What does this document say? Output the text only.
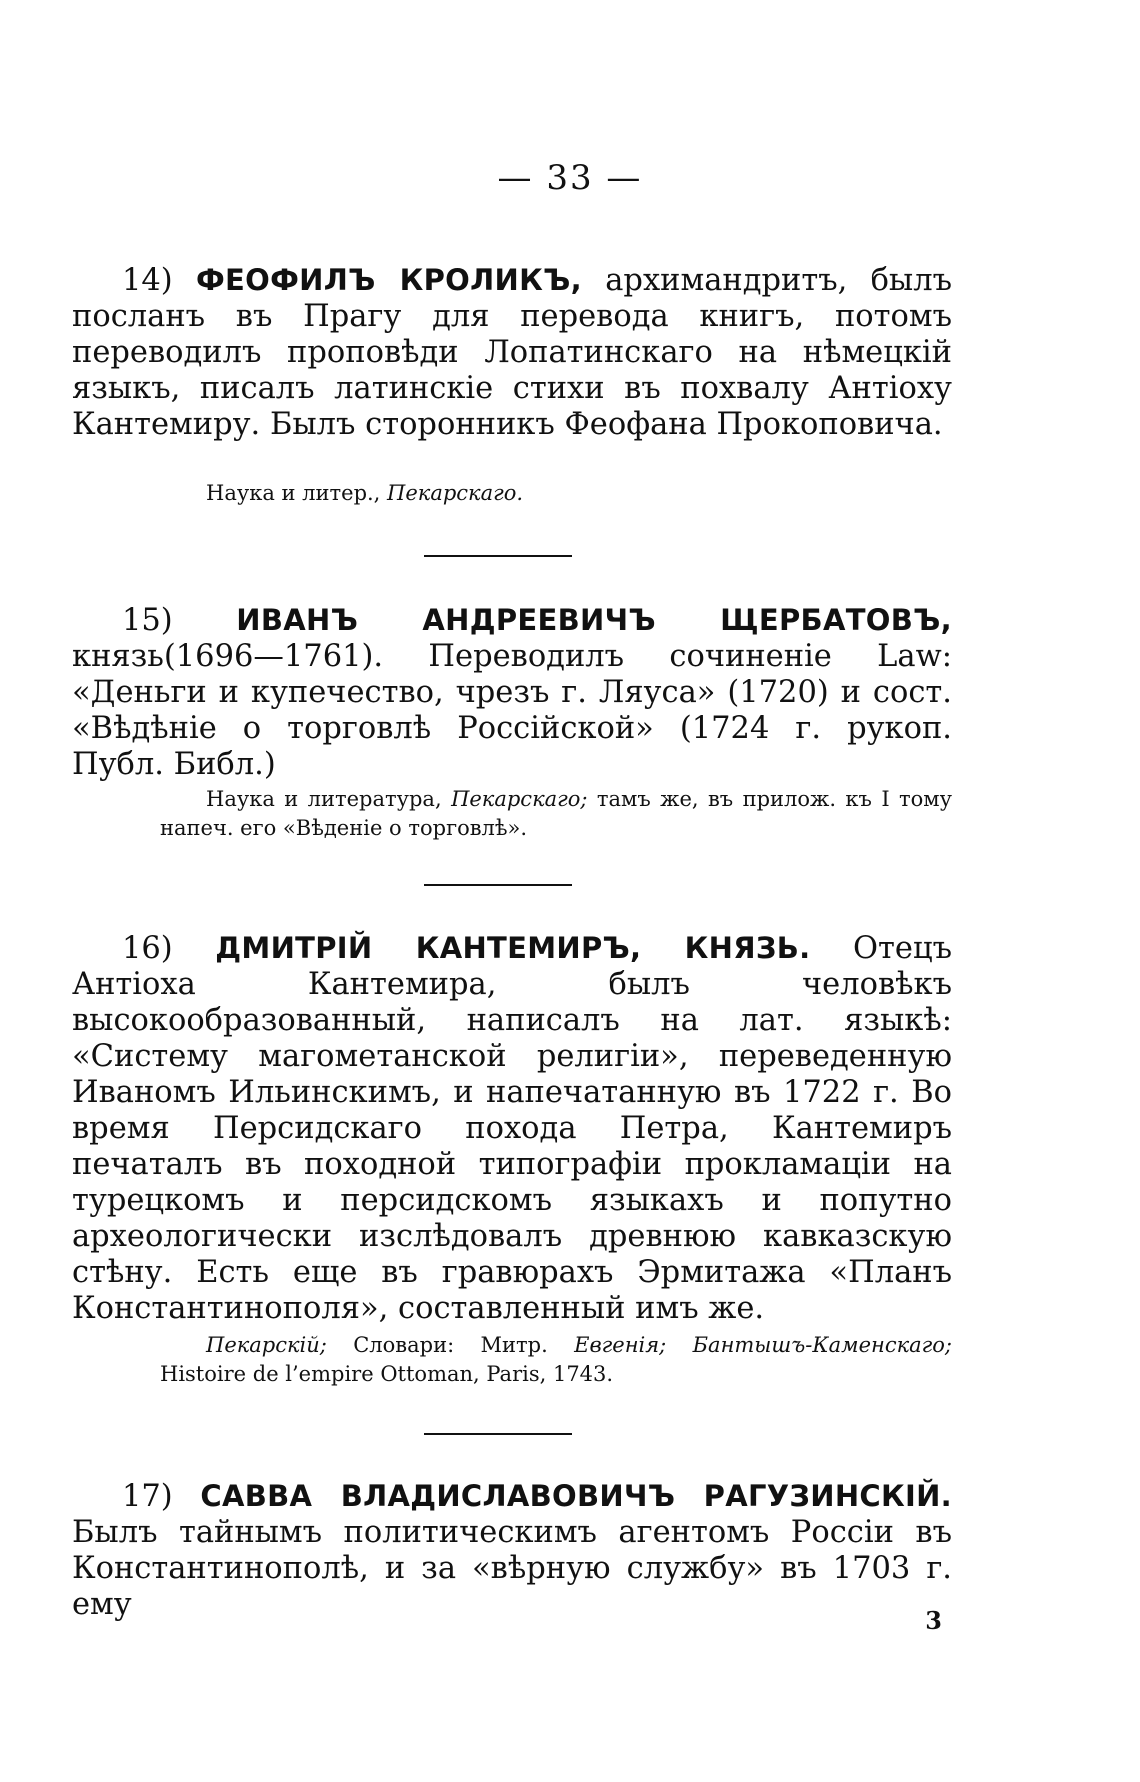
— 33 —

14) ФЕОФИЛЪ КРОЛИКЪ, архимандритъ, былъ посланъ въ Прагу для перевода книгъ, потомъ переводилъ проповѣди Лопатинскаго на нѣмецкій языкъ, писалъ латинскіе стихи въ похвалу Антіоху Кантемиру. Былъ сторонникъ Феофана Прокоповича.

Наука и литер., Пекарскаго.

15) ИВАНЪ АНДРЕЕВИЧЪ ЩЕРБАТОВЪ, князь(1696—1761). Переводилъ сочиненіе Law: «Деньги и купечество, чрезъ г. Ляуса» (1720) и сост. «Вѣдѣніе о торговлѣ Россійской» (1724 г. рукоп. Публ. Библ.)

Наука и литература, Пекарскаго; тамъ же, въ прилож. къ I тому напеч. его «Вѣденіе о торговлѣ».

16) ДМИТРІЙ КАНТЕМИРЪ, КНЯЗЬ. Отецъ Антіоха Кантемира, былъ человѣкъ высокообразованный, написалъ на лат. языкѣ: «Систему магометанской религіи», переведенную Иваномъ Ильинскимъ, и напечатанную въ 1722 г. Во время Персидскаго похода Петра, Кантемиръ печаталъ въ походной типографіи прокламаціи на турецкомъ и персидскомъ языкахъ и попутно археологически изслѣдовалъ древнюю кавказскую стѣну. Есть еще въ гравюрахъ Эрмитажа «Планъ Константинополя», составленный имъ же.

Пекарскій; Словари: Митр. Евгенія; Бантышъ-Каменскаго; Histoire de l’empire Ottoman, Paris, 1743.

17) САВВА ВЛАДИСЛАВОВИЧЪ РАГУЗИНСКІЙ. Былъ тайнымъ политическимъ агентомъ Россіи въ Константинополѣ, и за «вѣрную службу» въ 1703 г. ему	3
